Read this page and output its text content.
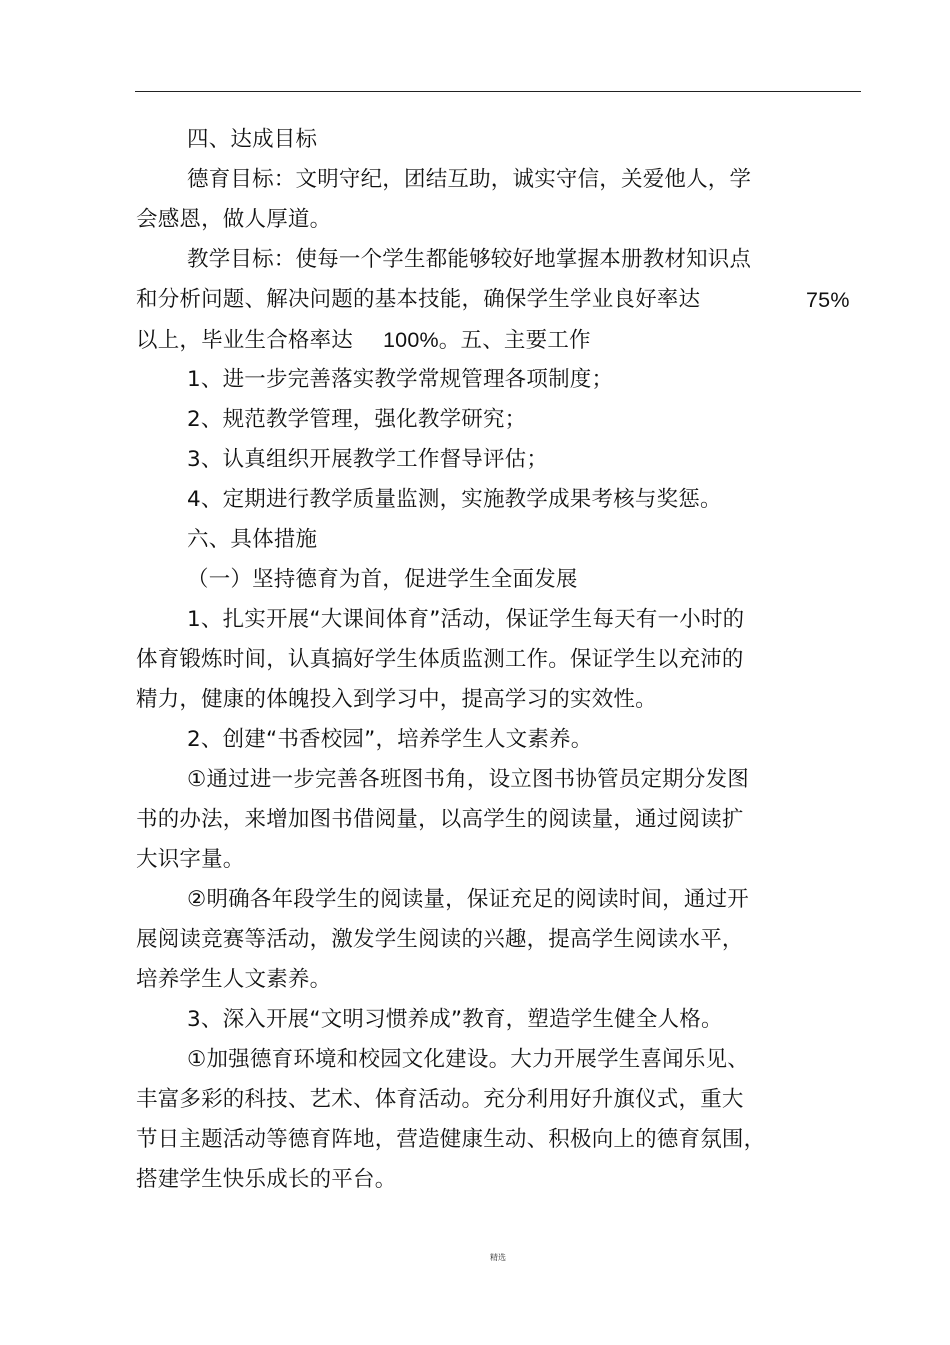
四、达成目标
德育目标：文明守纪，团结互助，诚实守信，关爱他人，学
会感恩，做人厚道。
教学目标：使每一个学生都能够较好地掌握本册教材知识点
和分析问题、解决问题的基本技能，确保学生学业良好率达	75%
以上，毕业生合格率达 100%。五、主要工作
1、进一步完善落实教学常规管理各项制度；
2、规范教学管理，强化教学研究；
3、认真组织开展教学工作督导评估；
4、定期进行教学质量监测，实施教学成果考核与奖惩。
六、具体措施
（一）坚持德育为首，促进学生全面发展
1、扎实开展“大课间体育”活动，保证学生每天有一小时的
体育锻炼时间，认真搞好学生体质监测工作。保证学生以充沛的
精力，健康的体魄投入到学习中，提高学习的实效性。
2、创建“书香校园”，培养学生人文素养。
①通过进一步完善各班图书角，设立图书协管员定期分发图
书的办法，来增加图书借阅量，以高学生的阅读量，通过阅读扩
大识字量。
②明确各年段学生的阅读量，保证充足的阅读时间，通过开
展阅读竞赛等活动，激发学生阅读的兴趣，提高学生阅读水平，
培养学生人文素养。
3、深入开展“文明习惯养成”教育，塑造学生健全人格。
①加强德育环境和校园文化建设。大力开展学生喜闻乐见、
丰富多彩的科技、艺术、体育活动。充分利用好升旗仪式，重大
节日主题活动等德育阵地，营造健康生动、积极向上的德育氛围，
搭建学生快乐成长的平台。
精选
